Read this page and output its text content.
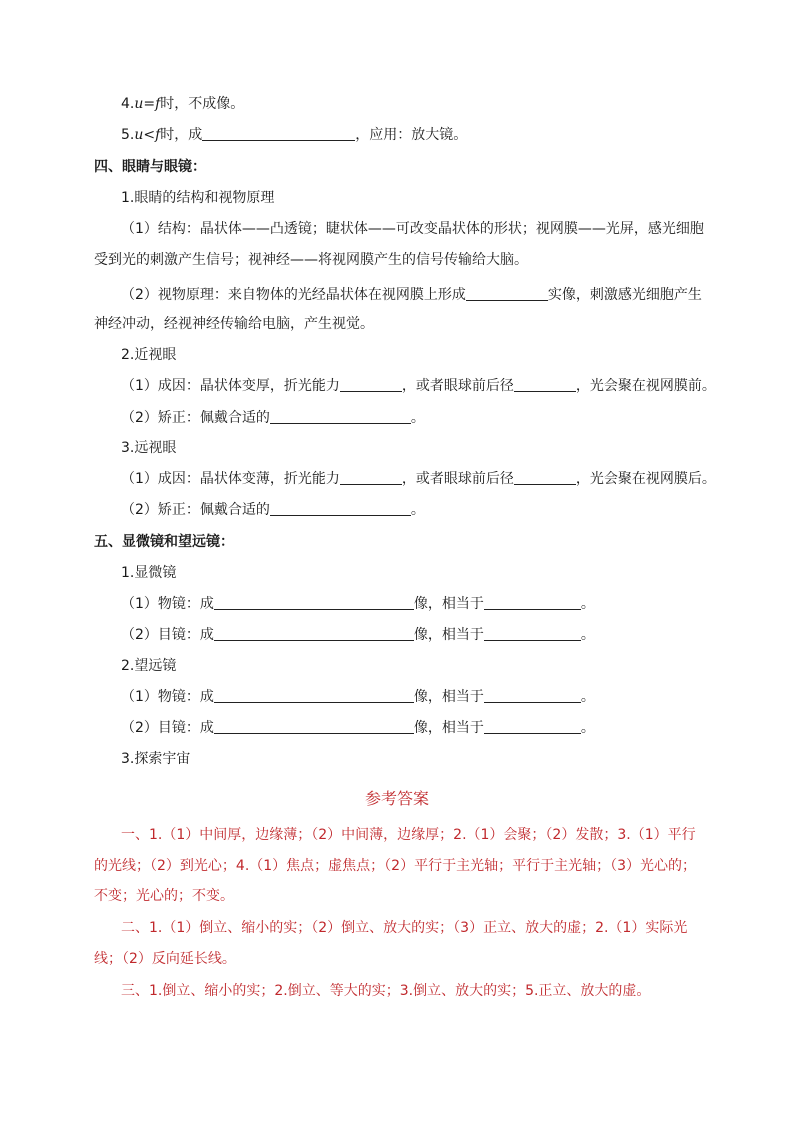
4.u=f时，不成像。
5.u<f时，成	，应用：放大镜。
四、眼睛与眼镜：
1.眼睛的结构和视物原理
（1）结构：晶状体——凸透镜；睫状体——可改变晶状体的形状；视网膜——光屏，感光细胞
受到光的刺激产生信号；视神经——将视网膜产生的信号传输给大脑。
（2）视物原理：来自物体的光经晶状体在视网膜上形成	实像，刺激感光细胞产生
神经冲动，经视神经传输给电脑，产生视觉。
2.近视眼
（1）成因：晶状体变厚，折光能力	，或者眼球前后径	，光会聚在视网膜前。
（2）矫正：佩戴合适的	。
3.远视眼
（1）成因：晶状体变薄，折光能力	，或者眼球前后径	，光会聚在视网膜后。
（2）矫正：佩戴合适的	。
五、显微镜和望远镜：
1.显微镜
（1）物镜：成	像，相当于	。
（2）目镜：成	像，相当于	。
2.望远镜
（1）物镜：成	像，相当于	。
（2）目镜：成	像，相当于	。
3.探索宇宙
参考答案
一、1.（1）中间厚，边缘薄；（2）中间薄，边缘厚；2.（1）会聚；（2）发散；3.（1）平行
的光线；（2）到光心；4.（1）焦点；虚焦点；（2）平行于主光轴；平行于主光轴；（3）光心的；
不变；光心的；不变。
二、1.（1）倒立、缩小的实；（2）倒立、放大的实；（3）正立、放大的虚；2.（1）实际光
线；（2）反向延长线。
三、1.倒立、缩小的实；2.倒立、等大的实；3.倒立、放大的实；5.正立、放大的虚。
